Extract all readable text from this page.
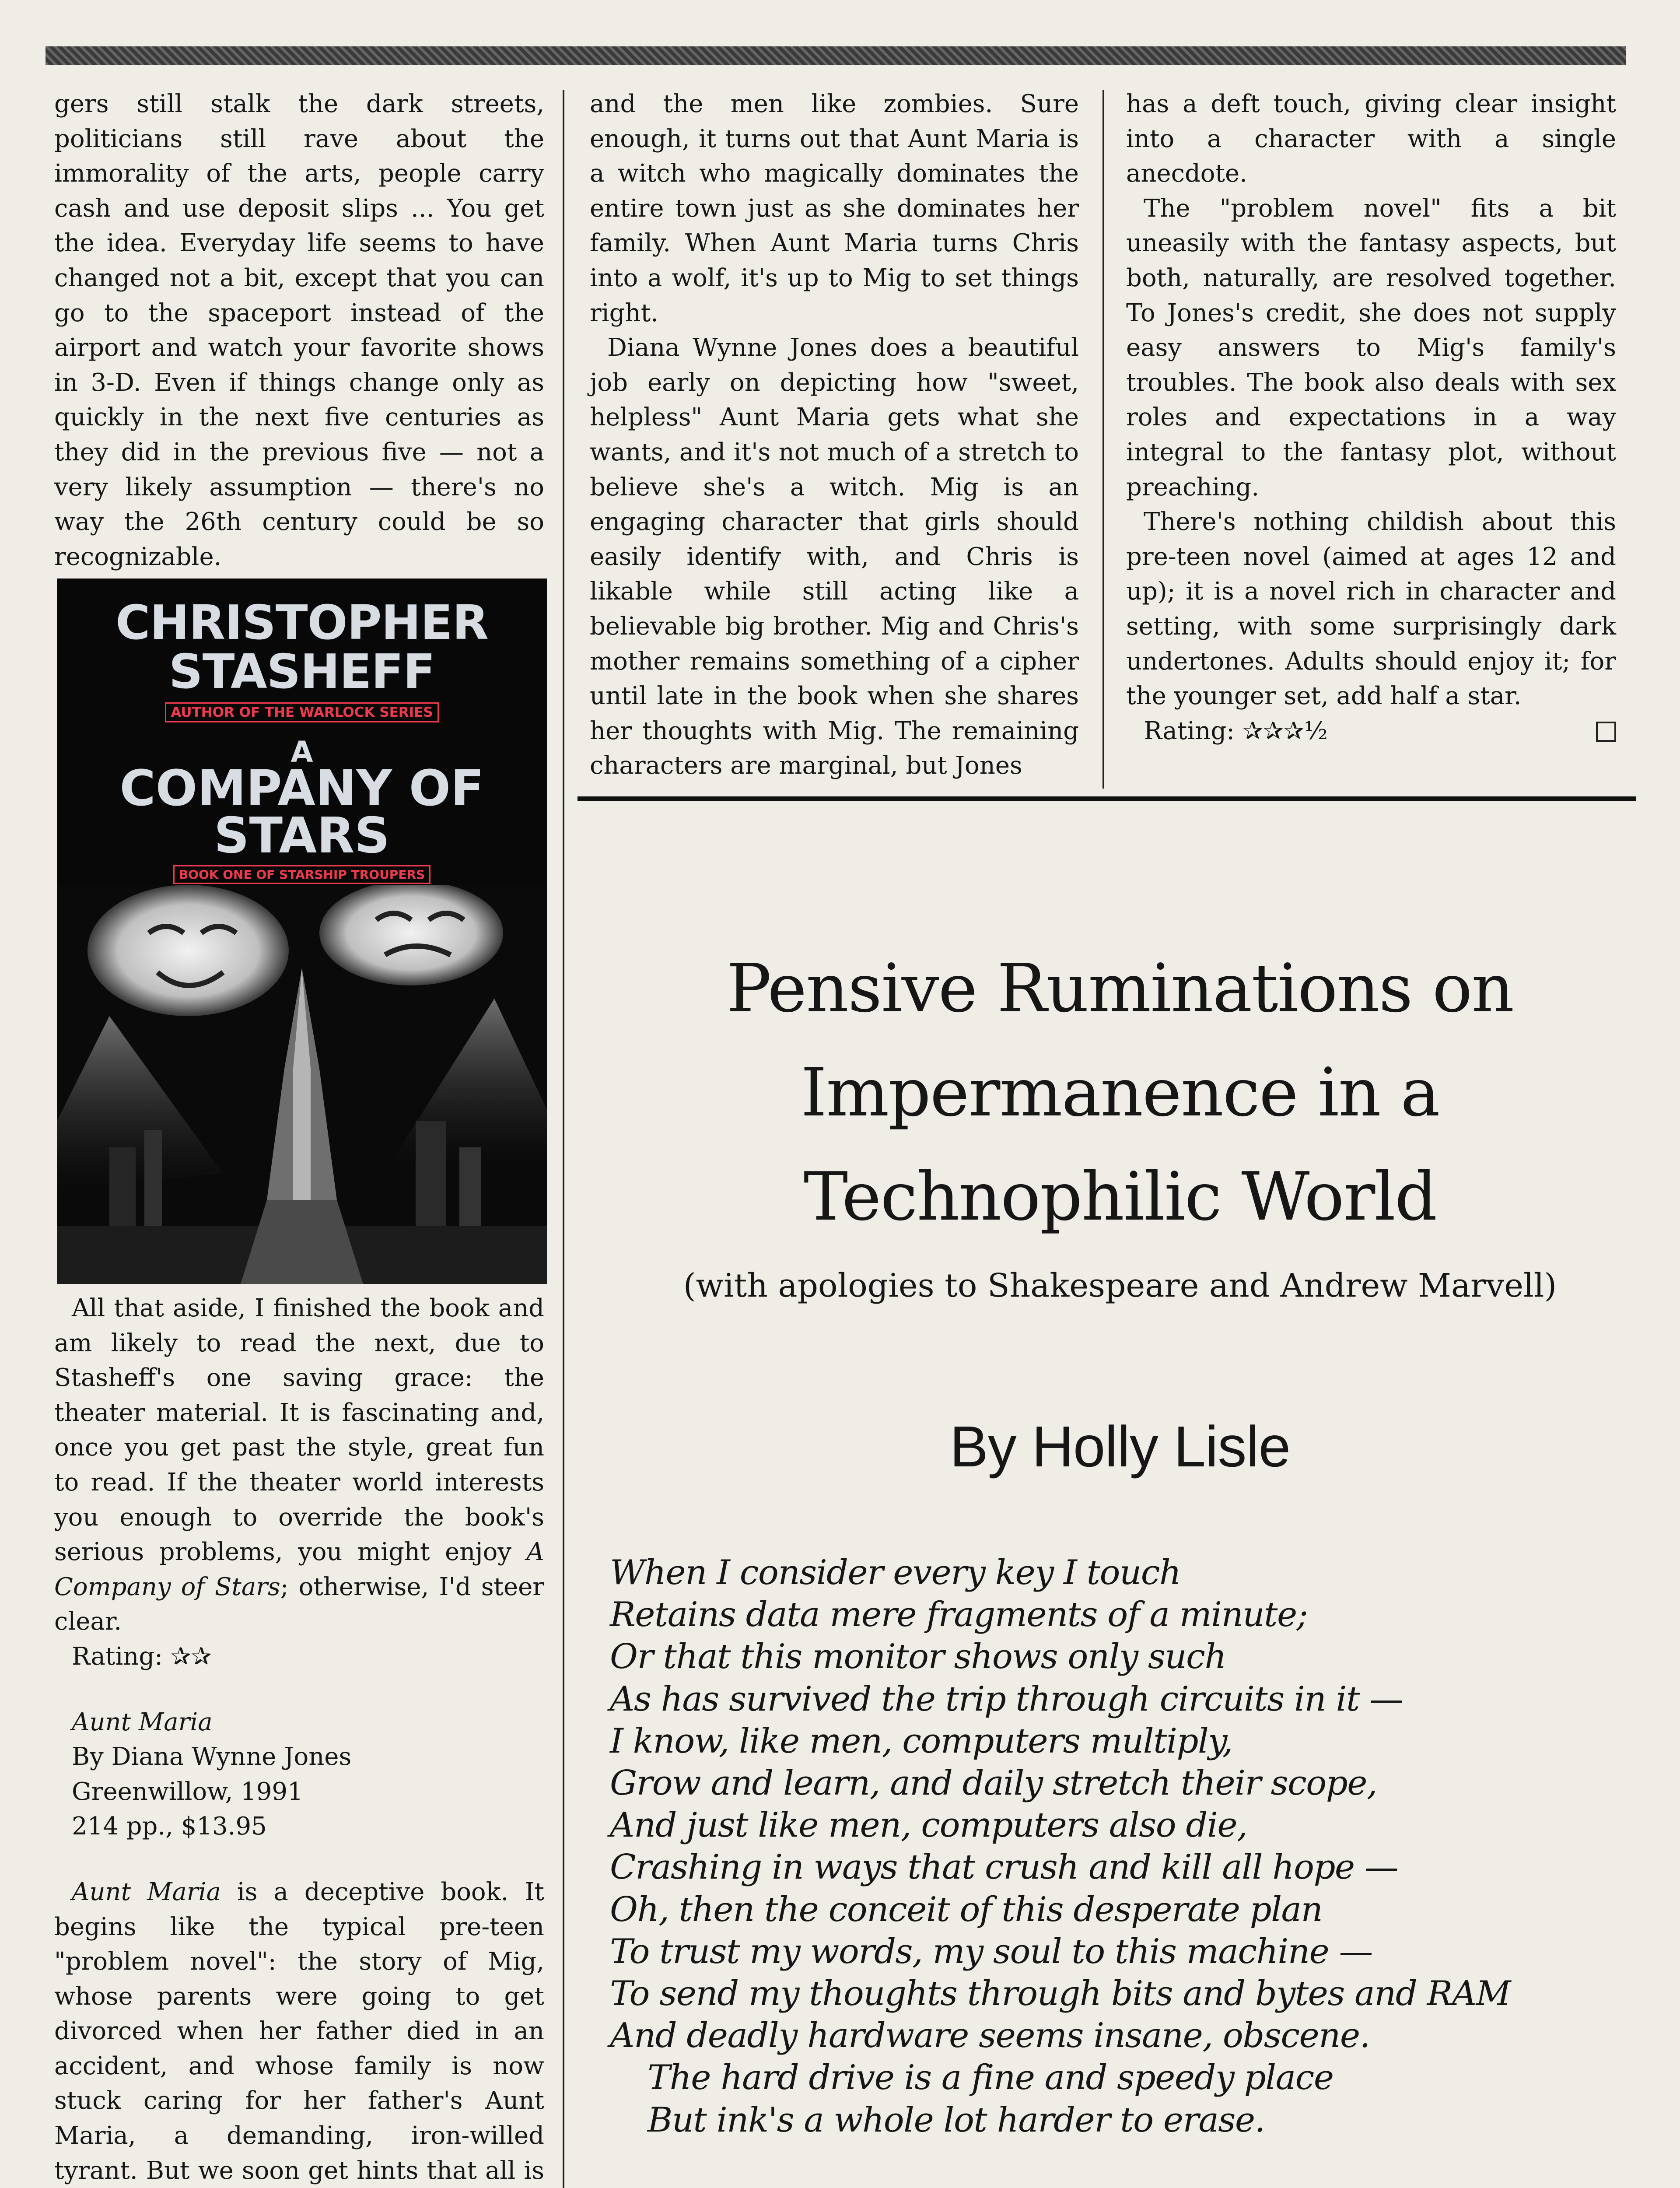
gers still stalk the dark streets, politicians still rave about the immorality of the arts, people carry cash and use deposit slips ... You get the idea. Everyday life seems to have changed not a bit, except that you can go to the spaceport instead of the airport and watch your favorite shows in 3-D. Even if things change only as quickly in the next five centuries as they did in the previous five — not a very likely assumption — there's no way the 26th century could be so recognizable.

CHRISTOPHER STASHEFF
AUTHOR OF THE WARLOCK SERIES
A
COMPANY OF STARS
BOOK ONE OF STARSHIP TROUPERS

All that aside, I finished the book and am likely to read the next, due to Stasheff's one saving grace: the theater material. It is fascinating and, once you get past the style, great fun to read. If the theater world interests you enough to override the book's serious problems, you might enjoy A Company of Stars; otherwise, I'd steer clear.

Rating: ✰✰
Aunt Maria
By Diana Wynne Jones
Greenwillow, 1991
214 pp., $13.95

Aunt Maria is a deceptive book. It begins like the typical pre-teen "problem novel": the story of Mig, whose parents were going to get divorced when her father died in an accident, and whose family is now stuck caring for her father's Aunt Maria, a demanding, iron-willed tyrant. But we soon get hints that all is

and the men like zombies. Sure enough, it turns out that Aunt Maria is a witch who magically dominates the entire town just as she dominates her family. When Aunt Maria turns Chris into a wolf, it's up to Mig to set things right.

Diana Wynne Jones does a beautiful job early on depicting how "sweet, helpless" Aunt Maria gets what she wants, and it's not much of a stretch to believe she's a witch. Mig is an engaging character that girls should easily identify with, and Chris is likable while still acting like a believable big brother. Mig and Chris's mother remains something of a cipher until late in the book when she shares her thoughts with Mig. The remaining characters are marginal, but Jones

has a deft touch, giving clear insight into a character with a single anecdote.

The "problem novel" fits a bit uneasily with the fantasy aspects, but both, naturally, are resolved together. To Jones's credit, she does not supply easy answers to Mig's family's troubles. The book also deals with sex roles and expectations in a way integral to the fantasy plot, without preaching.

There's nothing childish about this pre-teen novel (aimed at ages 12 and up); it is a novel rich in character and setting, with some surprisingly dark undertones. Adults should enjoy it; for the younger set, add half a star.

Rating: ✰✰✰½
Pensive Ruminations on
Impermanence in a
Technophilic World
(with apologies to Shakespeare and Andrew Marvell)
By Holly Lisle
When I consider every key I touch
Retains data mere fragments of a minute;
Or that this monitor shows only such
As has survived the trip through circuits in it —
I know, like men, computers multiply,
Grow and learn, and daily stretch their scope,
And just like men, computers also die,
Crashing in ways that crush and kill all hope —
Oh, then the conceit of this desperate plan
To trust my words, my soul to this machine —
To send my thoughts through bits and bytes and RAM
And deadly hardware seems insane, obscene.
The hard drive is a fine and speedy place
But ink's a whole lot harder to erase.
